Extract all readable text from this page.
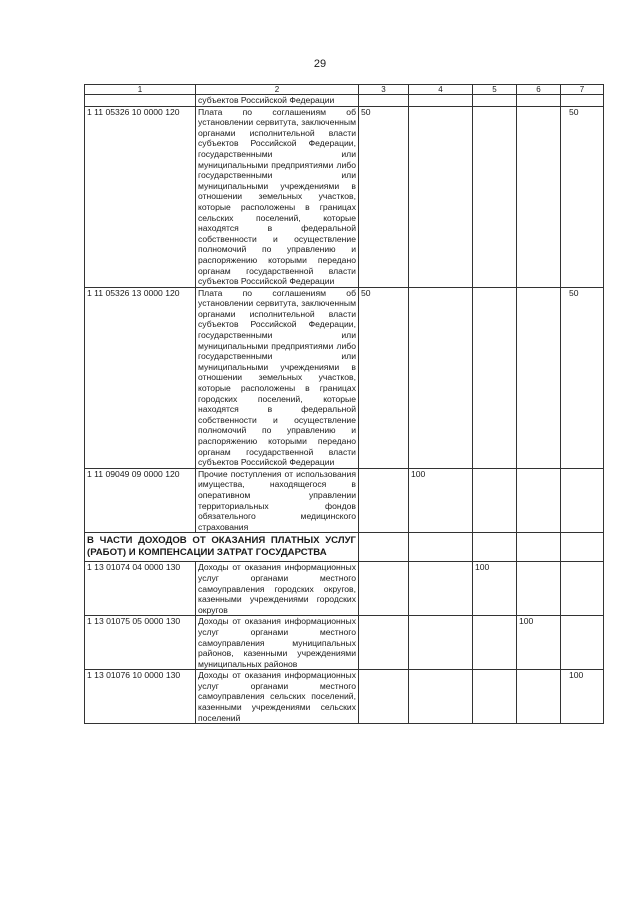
29
1	2	3	4	5	6	7
	субъектов Российской Федерации					
1 11 05326 10 0000 120	Плата по соглашениям об установлении сервитута, заключенным органами исполнительной власти субъектов Российской Федерации, государственными или муниципальными предприятиями либо государственными или муниципальными учреждениями в отношении земельных участков, которые расположены в границах сельских поселений, которые находятся в федеральной собственности и осуществление полномочий по управлению и распоряжению которыми передано органам государственной власти субъектов Российской Федерации	50				50
1 11 05326 13 0000 120	Плата по соглашениям об установлении сервитута, заключенным органами исполнительной власти субъектов Российской Федерации, государственными или муниципальными предприятиями либо государственными или муниципальными учреждениями в отношении земельных участков, которые расположены в границах городских поселений, которые находятся в федеральной собственности и осуществление полномочий по управлению и распоряжению которыми передано органам государственной власти субъектов Российской Федерации	50				50
1 11 09049 09 0000 120	Прочие поступления от использования имущества, находящегося в оперативном управлении территориальных фондов обязательного медицинского страхования		100			
В ЧАСТИ ДОХОДОВ ОТ ОКАЗАНИЯ ПЛАТНЫХ УСЛУГ (РАБОТ) И КОМПЕНСАЦИИ ЗАТРАТ ГОСУДАРСТВА						
1 13 01074 04 0000 130	Доходы от оказания информационных услуг органами местного самоуправления городских округов, казенными учреждениями городских округов			100		
1 13 01075 05 0000 130	Доходы от оказания информационных услуг органами местного самоуправления муниципальных районов, казенными учреждениями муниципальных районов				100	
1 13 01076 10 0000 130	Доходы от оказания информационных услуг органами местного самоуправления сельских поселений, казенными учреждениями сельских поселений					100
